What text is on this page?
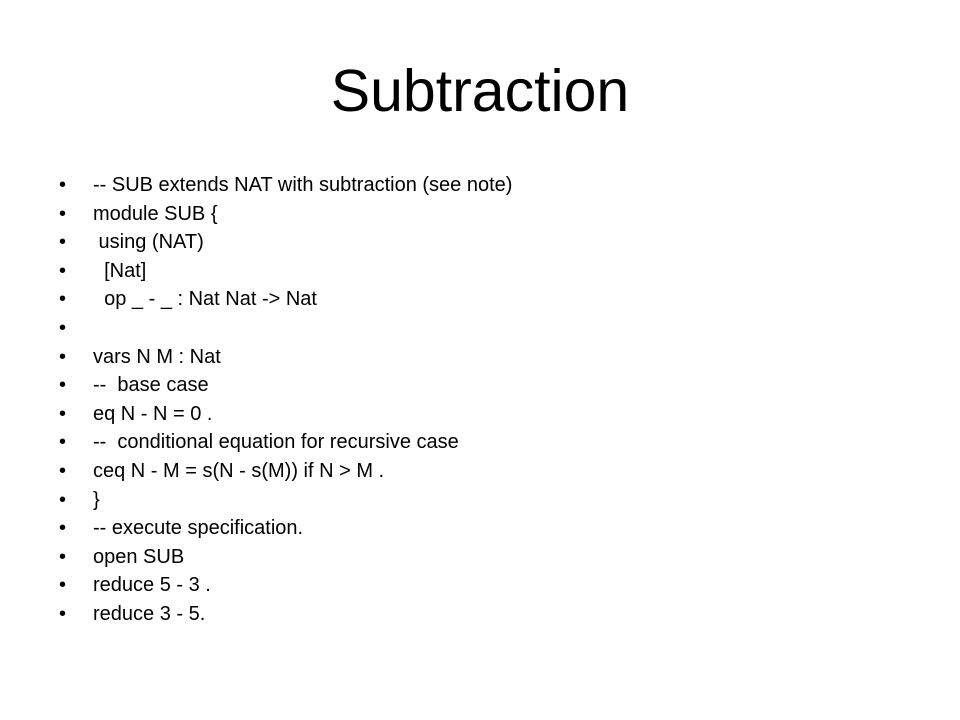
Subtraction
•	-- SUB extends NAT with subtraction (see note)
•	module SUB {
•	using (NAT)
•	[Nat]
•	op _ - _ : Nat Nat -> Nat
•
•	vars N M : Nat
•	--  base case
•	eq N - N = 0 .
•	--  conditional equation for recursive case
•	ceq N - M = s(N - s(M)) if N > M .
•	}
•	-- execute specification.
•	open SUB
•	reduce 5 - 3 .
•	reduce 3 - 5.
